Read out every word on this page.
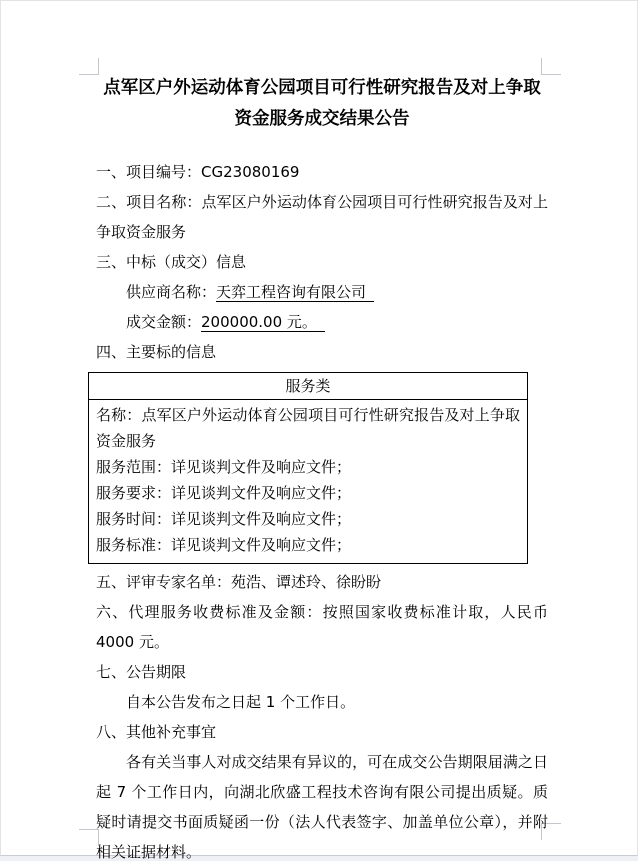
点军区户外运动体育公园项目可行性研究报告及对上争取资金服务成交结果公告

一、项目编号：CG23080169

二、项目名称：点军区户外运动体育公园项目可行性研究报告及对上争取资金服务

三、中标（成交）信息

供应商名称：天弈工程咨询有限公司

成交金额：200000.00 元。

四、主要标的信息

服务类

名称：点军区户外运动体育公园项目可行性研究报告及对上争取资金服务
服务范围：详见谈判文件及响应文件；
服务要求：详见谈判文件及响应文件；
服务时间：详见谈判文件及响应文件；
服务标准：详见谈判文件及响应文件；

五、评审专家名单：苑浩、谭述玲、徐盼盼

六、代理服务收费标准及金额：按照国家收费标准计取，人民币 4000 元。

七、公告期限

自本公告发布之日起 1 个工作日。

八、其他补充事宜

各有关当事人对成交结果有异议的，可在成交公告期限届满之日起 7 个工作日内，向湖北欣盛工程技术咨询有限公司提出质疑。质疑时请提交书面质疑函一份（法人代表签字、加盖单位公章），并附相关证据材料。
